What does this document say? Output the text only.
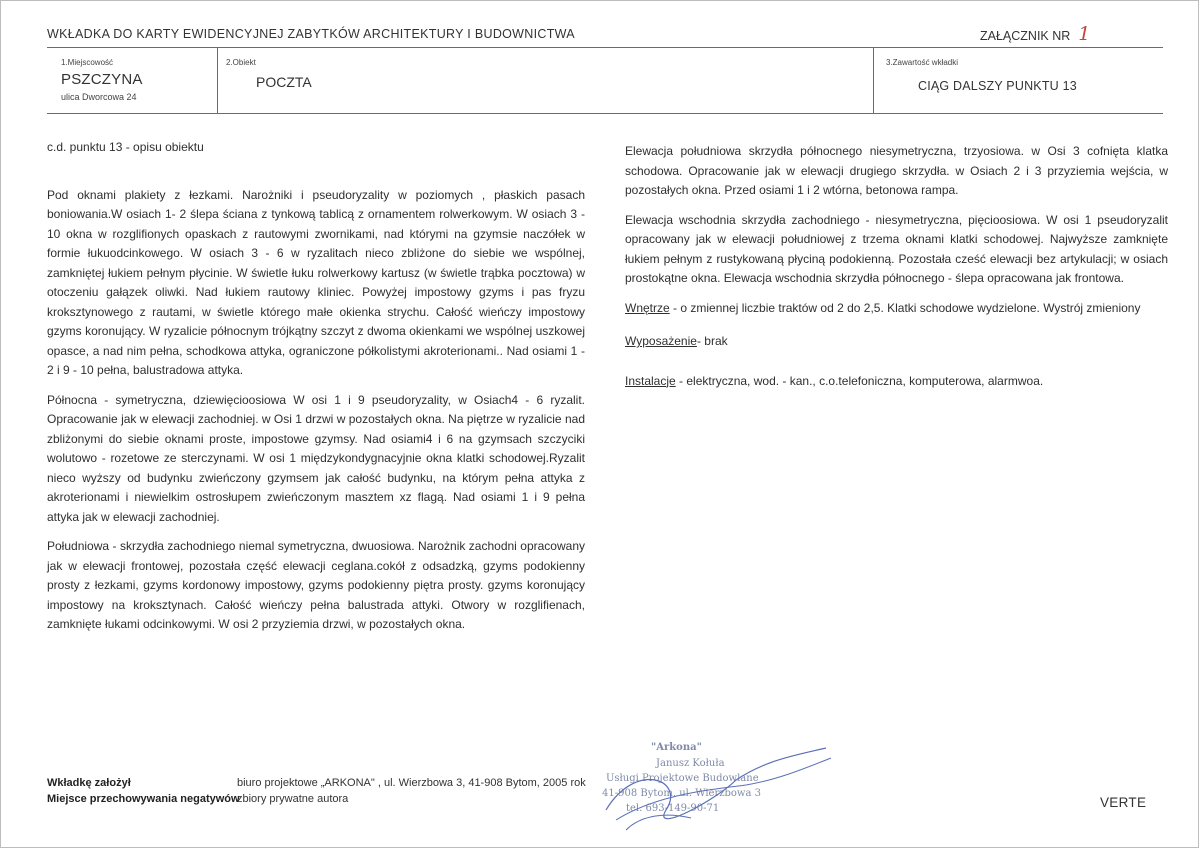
WKŁADKA DO KARTY EWIDENCYJNEJ ZABYTKÓW ARCHITEKTURY I BUDOWNICTWA	ZAŁĄCZNIK NR 1
1.Miejscowość
PSZCZYNA
ulica Dworcowa 24
2.Obiekt
POCZTA
3.Zawartość wkładki
CIĄG DALSZY PUNKTU 13

c.d. punktu 13 - opisu obiektu

Pod oknami plakiety z łezkami. Narożniki i pseudoryzality w poziomych , płaskich pasach boniowania.W osiach 1- 2 ślepa ściana z tynkową tablicą z ornamentem rolwerkowym. W osiach 3 - 10 okna w rozglifionych opaskach z rautowymi zwornikami, nad którymi na gzymsie naczółek w formie łukuodcinkowego. W osiach 3 - 6 w ryzalitach nieco zbliżone do siebie we wspólnej, zamkniętej łukiem pełnym płycinie. W świetle łuku rolwerkowy kartusz (w świetle trąbka pocztowa) w otoczeniu gałązek oliwki. Nad łukiem rautowy kliniec. Powyżej impostowy gzyms i pas fryzu kroksztynowego z rautami, w świetle którego małe okienka strychu. Całość wieńczy impostowy gzyms koronujący. W ryzalicie północnym trójkątny szczyt z dwoma okienkami we wspólnej uszkowej opasce, a nad nim pełna, schodkowa attyka, ograniczone półkolistymi akroterionami.. Nad osiami 1 - 2 i 9 - 10 pełna, balustradowa attyka.

Północna - symetryczna, dziewięcioosiowa W osi 1 i 9 pseudoryzality, w Osiach4 - 6 ryzalit. Opracowanie jak w elewacji zachodniej. w Osi 1 drzwi w pozostałych okna. Na piętrze w ryzalicie nad zbliżonymi do siebie oknami proste, impostowe gzymsy. Nad osiami4 i 6 na gzymsach szczyciki wolutowo - rozetowe ze sterczynami. W osi 1 międzykondygnacyjnie okna klatki schodowej.Ryzalit nieco wyższy od budynku zwieńczony gzymsem jak całość budynku, na którym pełna attyka z akroterionami i niewielkim ostrosłupem zwieńczonym masztem xz flagą. Nad osiami 1 i 9 pełna attyka jak w elewacji zachodniej.

Południowa - skrzydła zachodniego niemal symetryczna, dwuosiowa. Narożnik zachodni opracowany jak w elewacji frontowej, pozostała część elewacji ceglana.cokół z odsadzką, gzyms podokienny prosty z łezkami, gzyms kordonowy impostowy, gzyms podokienny piętra prosty. gzyms koronujący impostowy na kroksztynach. Całość wieńczy pełna balustrada attyki. Otwory w rozglifienach, zamknięte łukami odcinkowymi. W osi 2 przyziemia drzwi, w pozostałych okna.

Elewacja południowa skrzydła północnego niesymetryczna, trzyosiowa. w Osi 3 cofnięta klatka schodowa. Opracowanie jak w elewacji drugiego skrzydła. w Osiach 2 i 3 przyziemia wejścia, w pozostałych okna. Przed osiami 1 i 2 wtórna, betonowa rampa.

Elewacja wschodnia skrzydła zachodniego - niesymetryczna, pięcioosiowa. W osi 1 pseudoryzalit opracowany jak w elewacji południowej z trzema oknami klatki schodowej. Najwyższe zamknięte łukiem pełnym z rustykowaną płyciną podokienną. Pozostała cześć elewacji bez artykulacji; w osiach prostokątne okna. Elewacja wschodnia skrzydła północnego - ślepa opracowana jak frontowa.

Wnętrze - o zmiennej liczbie traktów od 2 do 2,5. Klatki schodowe wydzielone. Wystrój zmieniony

Wyposażenie- brak

Instalacje - elektryczna, wod. - kan., c.o.telefoniczna, komputerowa, alarmwoa.

Wkładkę założył
Miejsce przechowywania negatywów
biuro projektowe „ARKONA" , ul. Wierzbowa 3, 41-908 Bytom, 2005 rok
zbiory prywatne autora
"Arkona"
Janusz Kołuła
Usługi Projektowe Budowlane
41-908 Bytom, ul. Wierzbowa 3
tel. 693-149-90-71	VERTE
